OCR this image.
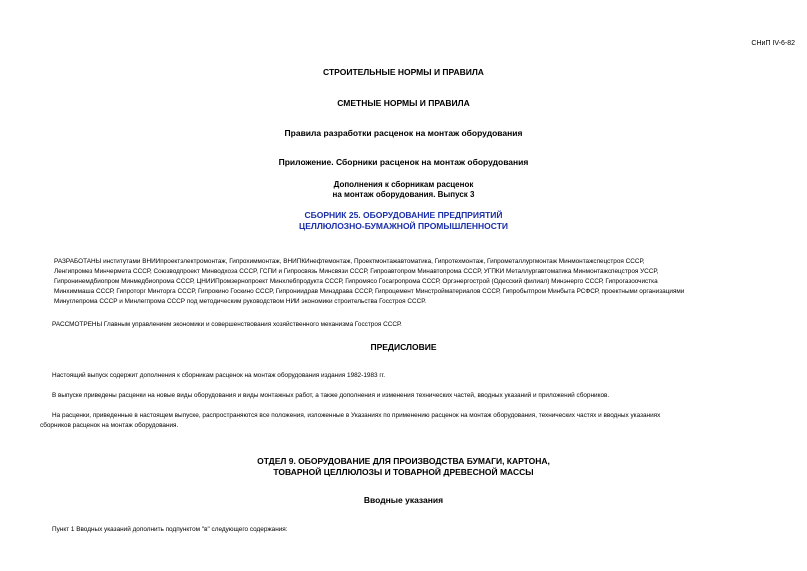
СНиП IV-6-82
СТРОИТЕЛЬНЫЕ НОРМЫ И ПРАВИЛА
СМЕТНЫЕ НОРМЫ И ПРАВИЛА
Правила разработки расценок на монтаж оборудования
Приложение. Сборники расценок на монтаж оборудования
Дополнения к сборникам расценок
на монтаж оборудования. Выпуск 3
СБОРНИК 25. ОБОРУДОВАНИЕ ПРЕДПРИЯТИЙ
ЦЕЛЛЮЛОЗНО-БУМАЖНОЙ ПРОМЫШЛЕННОСТИ
РАЗРАБОТАНЫ институтами ВНИИпроектэлектромонтаж, Гипрохиммонтаж, ВНИПКИнефтемонтаж, Проектмонтажавтоматика, Гипротехмонтаж, Гипрометаллургмонтаж Минмонтажспецстроя СССР,
Ленгипромез Минчермета СССР, Союзводпроект Минводхоза СССР, ГСПИ и Гипросвязь Минсвязи СССР, Гипроавтопром Минавтопрома СССР, УГПКИ Металлургавтоматика Минмонтажспецстроя УССР,
Гипронинемдбиопром Минмедбиопрома СССР, ЦНИИПромзернопроект Минхлебпродукта СССР, Гипромясо Госагропрома СССР, Оргэнергострой (Одесский филиал) Минэнерго СССР, Гипрогазоочистка
Минхиммаша СССР, Гипроторг Минторга СССР, Гипрокино Госкино СССР, Гипрониидрав Минздрава СССР, Гипроцемент Минстройматериалов СССР, Гипробытпром Минбыта РСФСР, проектными организациями
Минуглепрома СССР и Минлегпрома СССР под методическим руководством НИИ экономики строительства Госстроя СССР.
РАССМОТРЕНЫ Главным управлением экономики и совершенствования хозяйственного механизма Госстроя СССР.
ПРЕДИСЛОВИЕ
Настоящий выпуск содержит дополнения к сборникам расценок на монтаж оборудования издания 1982-1983 гг.
В выпуске приведены расценки на новые виды оборудования и виды монтажных работ, а также дополнения и изменения технических частей, вводных указаний и приложений сборников.
На расценки, приведенные в настоящем выпуске, распространяются все положения, изложенные в Указаниях по применению расценок на монтаж оборудования, технических частях и вводных указаниях
сборников расценок на монтаж оборудования.
ОТДЕЛ 9. ОБОРУДОВАНИЕ ДЛЯ ПРОИЗВОДСТВА БУМАГИ, КАРТОНА,
ТОВАРНОЙ ЦЕЛЛЮЛОЗЫ И ТОВАРНОЙ ДРЕВЕСНОЙ МАССЫ
Вводные указания
Пункт 1 Вводных указаний дополнить подпунктом "в" следующего содержания:
